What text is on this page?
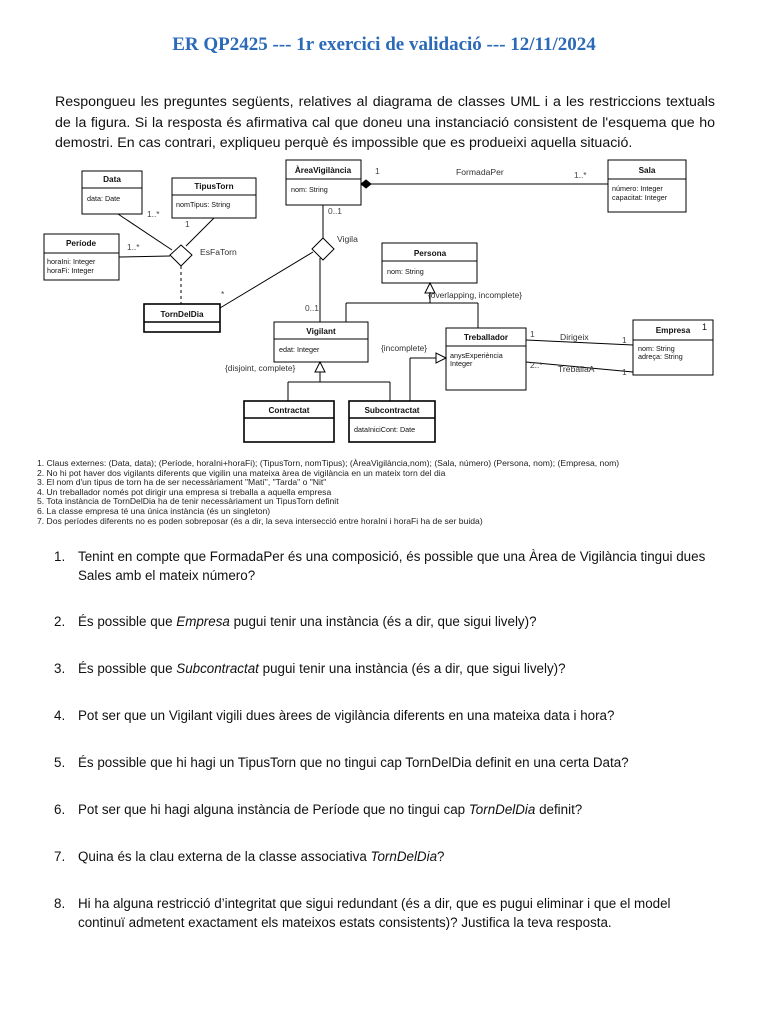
ER QP2425 --- 1r exercici de validació --- 12/11/2024
Respongueu les preguntes següents, relatives al diagrama de classes UML i a les restriccions textuals de la figura. Si la resposta és afirmativa cal que doneu una instanciació consistent de l'esquema que ho demostri. En cas contrari, expliqueu perquè és impossible que es produeixi aquella situació.
Data
data: Date
TipusTorn
nomTipus: String
Període
horaIni: Integer
horaFi: Integer
ÀreaVigilància
nom: String
Sala
número: Integer
capacitat: Integer
Persona
nom: String
Vigilant
edat: Integer
Treballador
anysExperiència
Integer
Empresa
nom: String
adreça: String
1
TornDelDia
Contractat	Subcontractat
dataIniciCont: Date
FormadaPer
EsFaTorn
Vigila
Dirigeix
TreballaA
{overlapping, incomplete}
{disjoint, complete}
{incomplete}
1	1..*
1..*
1
1..*
*
0..1
0..1
1
1
2..*
1
1. Claus externes: (Data, data); (Període, horaIni+horaFi); (TipusTorn, nomTipus); (ÀreaVigilància,nom); (Sala, número) (Persona, nom); (Empresa, nom)
2. No hi pot haver dos vigilants diferents que vigilin una mateixa àrea de vigilància en un mateix torn del dia
3. El nom d'un tipus de torn ha de ser necessàriament "Matí", "Tarda" o "Nit"
4. Un treballador només pot dirigir una empresa si treballa a aquella empresa
5. Tota instància de TornDelDia ha de tenir necessàriament un TipusTorn definit
6. La classe empresa té una única instància (és un singleton)
7. Dos períodes diferents no es poden sobreposar (és a dir, la seva intersecció entre horaIni i horaFi ha de ser buida)
1. Tenint en compte que FormadaPer és una composició, és possible que una Àrea de Vigilància tingui dues Sales amb el mateix número?
2. És possible que Empresa pugui tenir una instància (és a dir, que sigui lively)?
3. És possible que Subcontractat pugui tenir una instància (és a dir, que sigui lively)?
4. Pot ser que un Vigilant vigili dues àrees de vigilància diferents en una mateixa data i hora?
5. És possible que hi hagi un TipusTorn que no tingui cap TornDelDia definit en una certa Data?
6. Pot ser que hi hagi alguna instància de Període que no tingui cap TornDelDia definit?
7. Quina és la clau externa de la classe associativa TornDelDia?
8. Hi ha alguna restricció d’integritat que sigui redundant (és a dir, que es pugui eliminar i que el model continuï admetent exactament els mateixos estats consistents)? Justifica la teva resposta.
